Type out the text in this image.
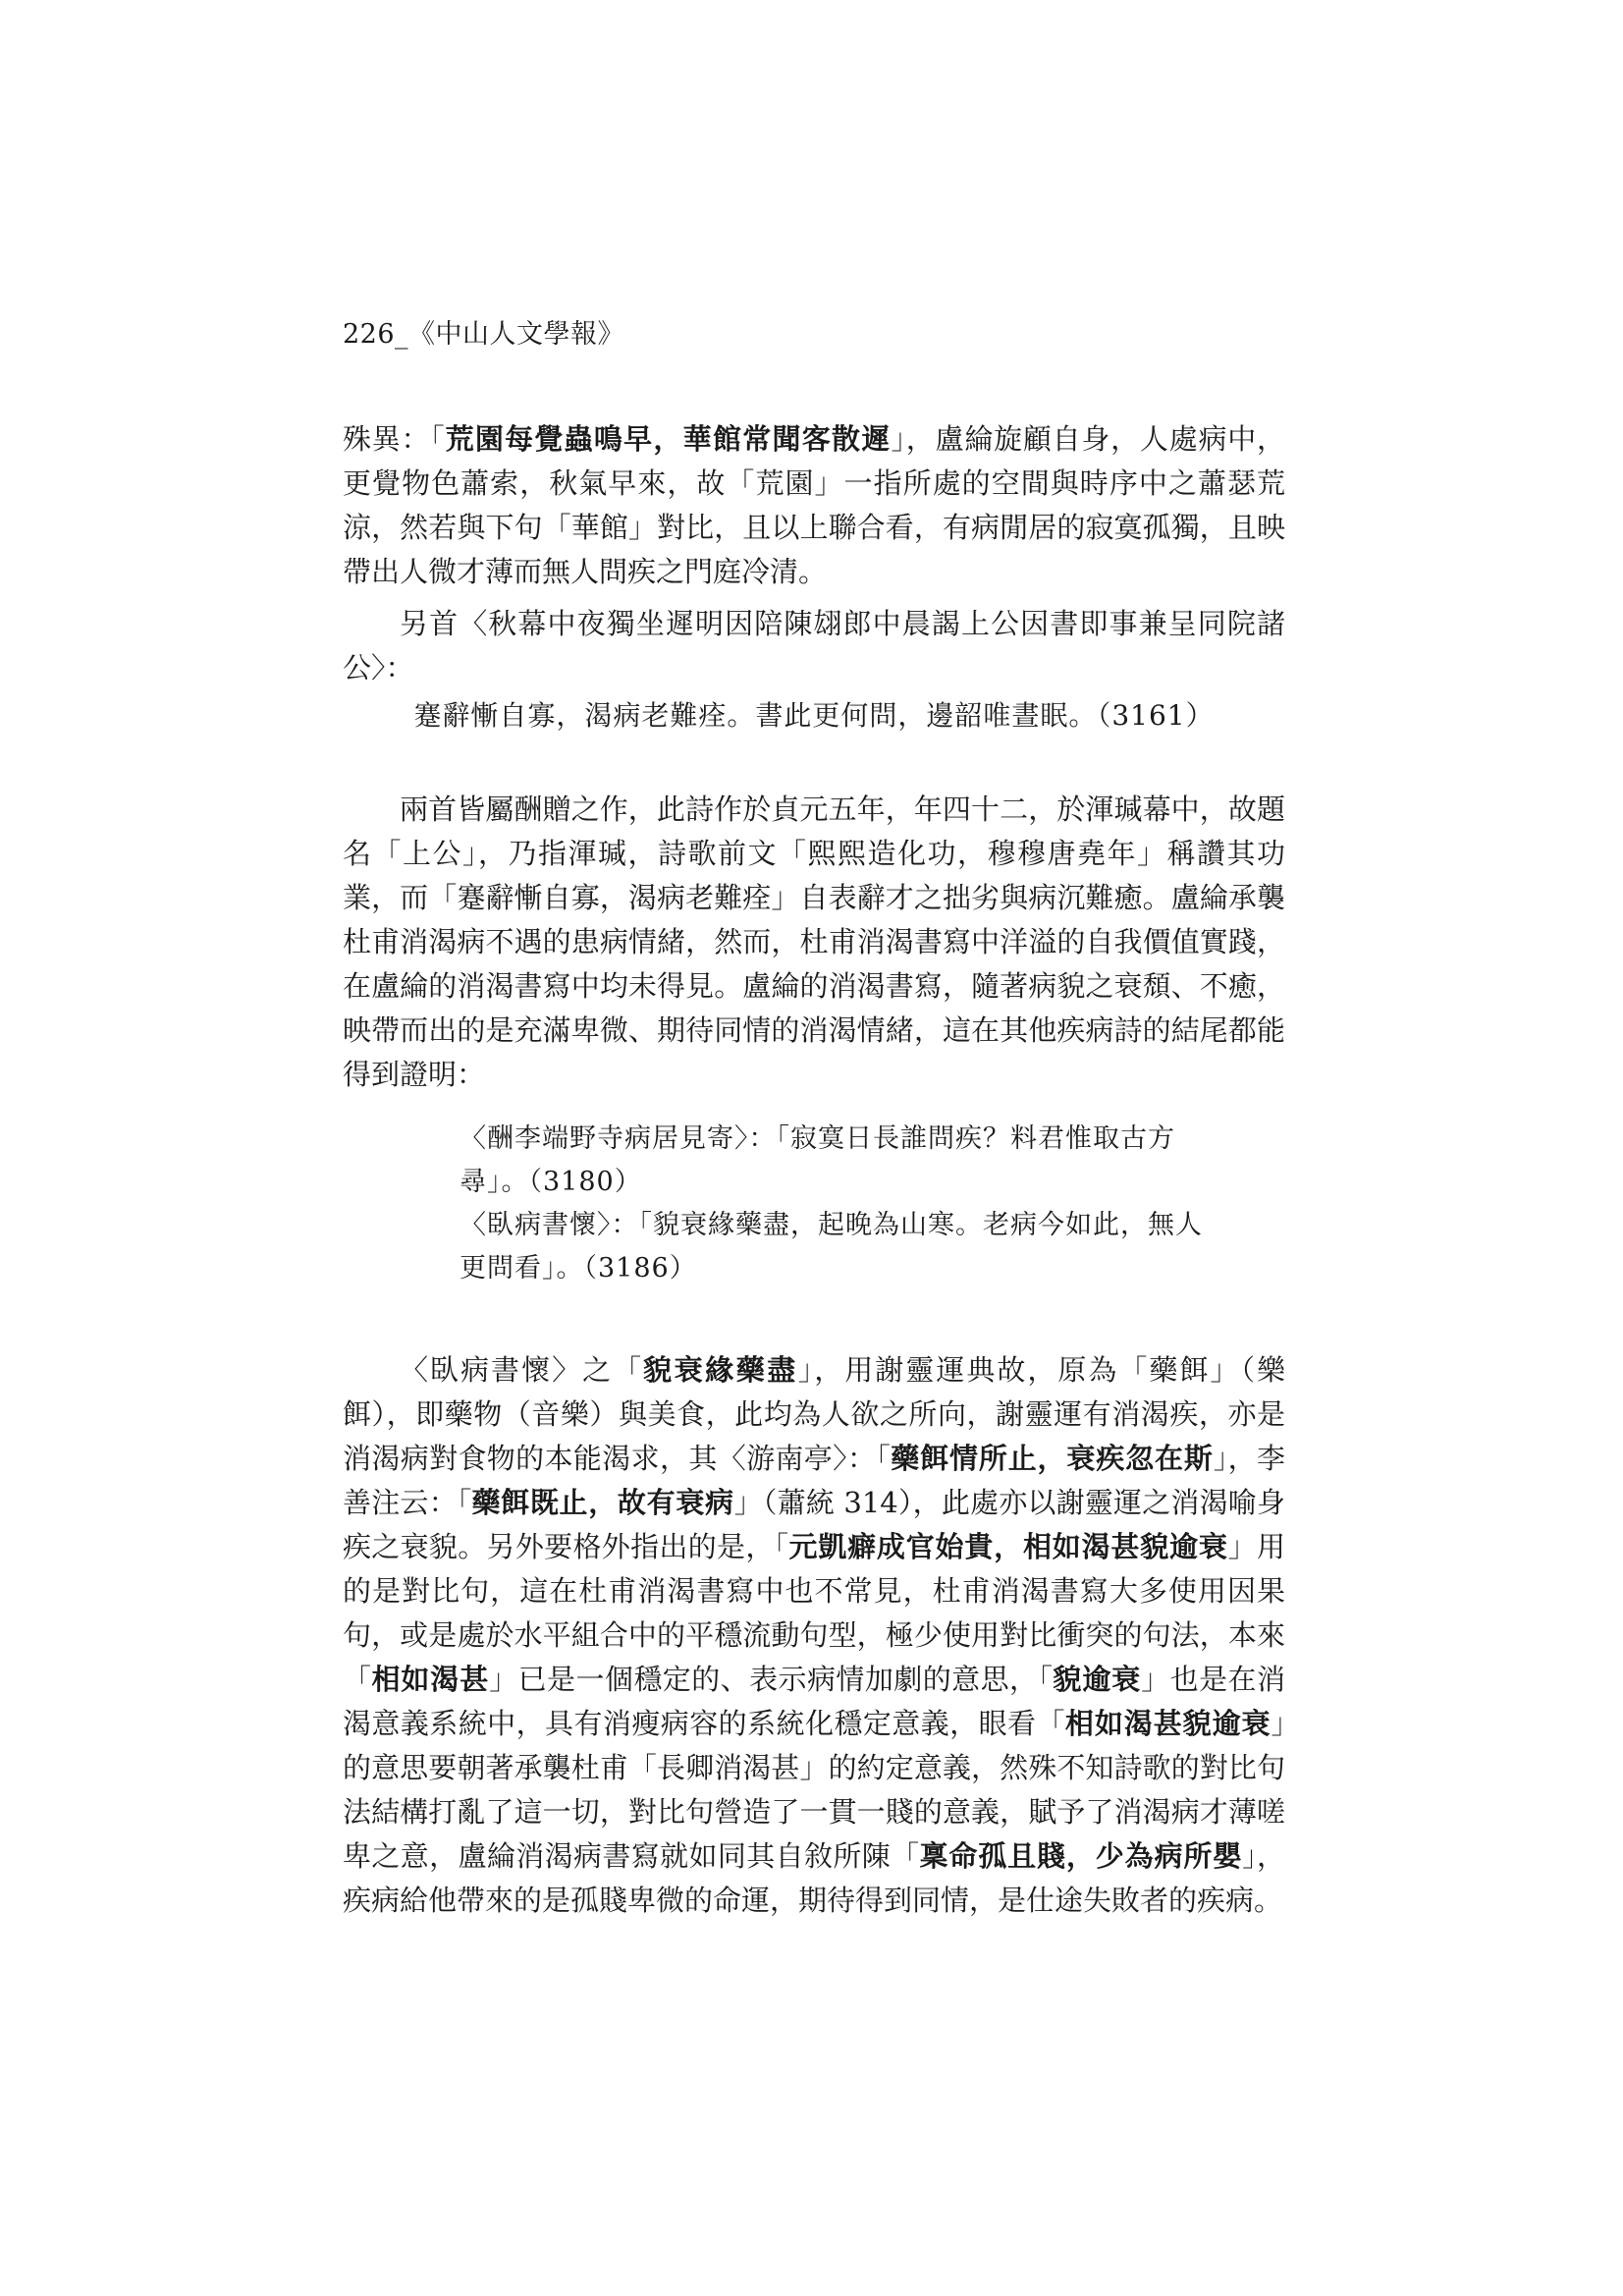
226_《中山人文學報》

殊異：「荒園每覺蟲鳴早，華館常聞客散遲」，盧綸旋顧自身，人處病中，更覺物色蕭索，秋氣早來，故「荒園」一指所處的空間與時序中之蕭瑟荒涼，然若與下句「華館」對比，且以上聯合看，有病閒居的寂寞孤獨，且映帶出人微才薄而無人問疾之門庭冷清。

另首〈秋幕中夜獨坐遲明因陪陳翃郎中晨謁上公因書即事兼呈同院諸公〉：

蹇辭慚自寡，渴病老難痊。書此更何問，邊韶唯晝眠。（3161）

兩首皆屬酬贈之作，此詩作於貞元五年，年四十二，於渾瑊幕中，故題名「上公」，乃指渾瑊，詩歌前文「熙熙造化功，穆穆唐堯年」稱讚其功業，而「蹇辭慚自寡，渴病老難痊」自表辭才之拙劣與病沉難癒。盧綸承襲杜甫消渴病不遇的患病情緒，然而，杜甫消渴書寫中洋溢的自我價值實踐，在盧綸的消渴書寫中均未得見。盧綸的消渴書寫，隨著病貌之衰頹、不癒，映帶而出的是充滿卑微、期待同情的消渴情緒，這在其他疾病詩的結尾都能得到證明：

〈酬李端野寺病居見寄〉：「寂寞日長誰問疾？料君惟取古方

尋」。（3180）

〈臥病書懷〉：「貌衰緣藥盡，起晚為山寒。老病今如此，無人

更問看」。（3186）

〈臥病書懷〉之「貌衰緣藥盡」，用謝靈運典故，原為「藥餌」（樂餌），即藥物（音樂）與美食，此均為人欲之所向，謝靈運有消渴疾，亦是消渴病對食物的本能渴求，其〈游南亭〉：「藥餌情所止，衰疾忽在斯」，李善注云：「藥餌既止，故有衰病」（蕭統 314），此處亦以謝靈運之消渴喻身疾之衰貌。另外要格外指出的是，「元凱癖成官始貴，相如渴甚貌逾衰」用的是對比句，這在杜甫消渴書寫中也不常見，杜甫消渴書寫大多使用因果句，或是處於水平組合中的平穩流動句型，極少使用對比衝突的句法，本來「相如渴甚」已是一個穩定的、表示病情加劇的意思，「貌逾衰」也是在消渴意義系統中，具有消瘦病容的系統化穩定意義，眼看「相如渴甚貌逾衰」的意思要朝著承襲杜甫「長卿消渴甚」的約定意義，然殊不知詩歌的對比句法結構打亂了這一切，對比句營造了一貫一賤的意義，賦予了消渴病才薄嗟卑之意，盧綸消渴病書寫就如同其自敘所陳「稟命孤且賤，少為病所嬰」，疾病給他帶來的是孤賤卑微的命運，期待得到同情，是仕途失敗者的疾病。
